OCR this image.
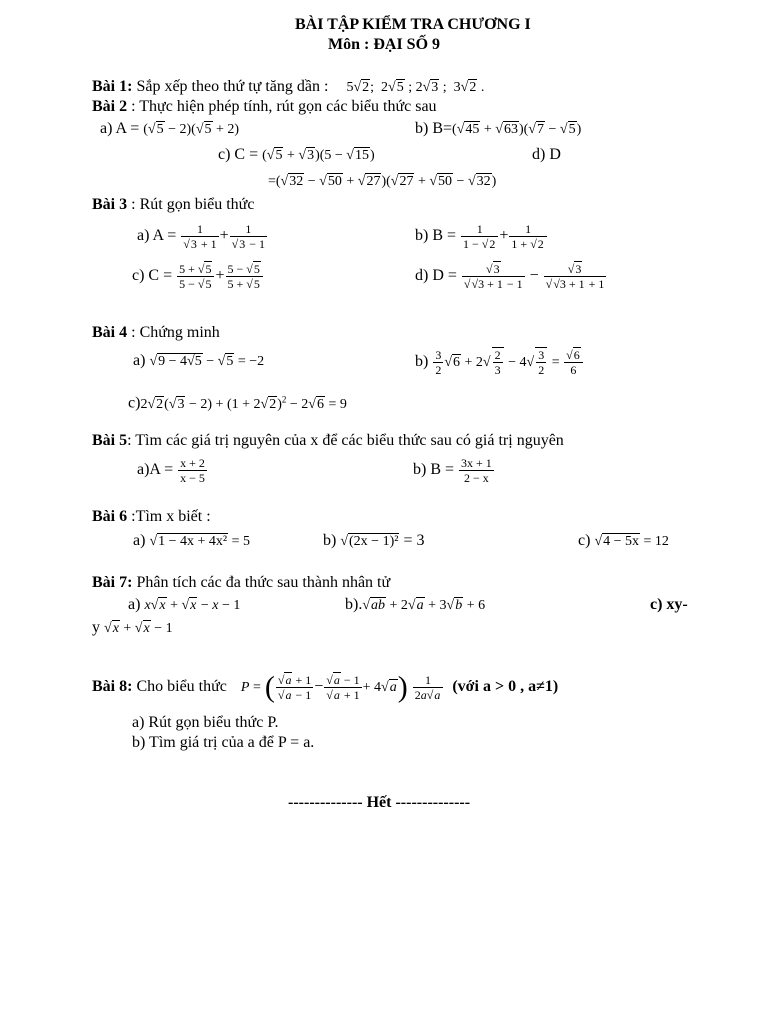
BÀI TẬP KIỂM TRA CHƯƠNG I
Môn : ĐẠI SỐ 9
Bài 1: Sắp xếp theo thứ tự tăng dần : 5√2;  2√5 ; 2√3 ;  3√2 .
Bài 2 : Thực hiện phép tính, rút gọn các biểu thức sau
a) A = (√5 − 2)(√5 + 2)	b) B=(√45 + √63)(√7 − √5)
c) C = (√5 + √3)(5 − √15)	d) D
=(√32 − √50 + √27)(√27 + √50 − √32)
Bài 3 : Rút gọn biểu thức
a) $A = \frac{1}{√3 + 1} + \frac{1}{√3 - 1}$	b) $B = \frac{1}{1 - √2} + \frac{1}{1 + √2}$
c) $C = \frac{5 + √5}{5 - √5} + \frac{5 - √5}{5 + √5}$	d) $D = \frac{√3}{√√3 + 1 - 1} - \frac{√3}{√√3 + 1 + 1}$
Bài 4 : Chứng minh
a) √9 − 4√5 − √5 = −2	$b) \frac{3}{2} √6 + 2√ \frac{2}{3} - 4√ \frac{3}{2} = \frac{√6}{6}$
$c)2√2(√3 - 2) + (1 + 2√2)^2 - 2√6 = 9$
Bài 5: Tìm các giá trị nguyên của x để các biểu thức sau có giá trị nguyên
$a)A = \frac{x + 2}{x - 5}$	b) $B = \frac{3x + 1}{2 - x}$
Bài 6 :Tìm x biết :
a) √1 − 4x + 4x² = 5	b) √(2x − 1)² = 3	c) √4 − 5x = 12
Bài 7: Phân tích các đa thức sau thành nhân tử
a) x√x + √x − x − 1	b).√ab + 2√a + 3√b + 6	c) xy-
y √x + √x − 1
Bài 8: Cho biểu thức P = ( $\frac{√a + 1}{√a - 1} - \frac{√a - 1}{√a + 1} + 4√a) \frac{1}{2a√a}$ (với a > 0 , a≠1)
a) Rút gọn biểu thức P.
b) Tìm giá trị của a để P = a.
-------------- Hết --------------
